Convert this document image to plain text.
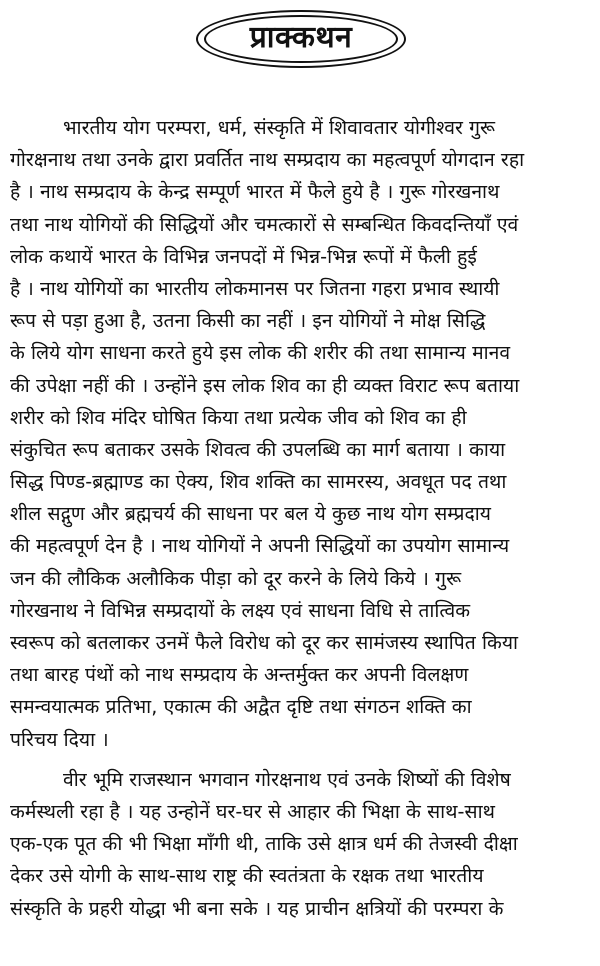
प्राक्कथन
भारतीय योग परम्परा, धर्म, संस्कृति में शिवावतार योगीश्वर गुरू
गोरक्षनाथ तथा उनके द्वारा प्रवर्तित नाथ सम्प्रदाय का महत्वपूर्ण योगदान रहा
है । नाथ सम्प्रदाय के केन्द्र सम्पूर्ण भारत में फैले हुये है । गुरू गोरखनाथ
तथा नाथ योगियों की सिद्धियों और चमत्कारों से सम्बन्धित किवदन्तियाँ एवं
लोक कथायें भारत के विभिन्न जनपदों में भिन्न-भिन्न रूपों में फैली हुई
है । नाथ योगियों का भारतीय लोकमानस पर जितना गहरा प्रभाव स्थायी
रूप से पड़ा हुआ है, उतना किसी का नहीं । इन योगियों ने मोक्ष सिद्धि
के लिये योग साधना करते हुये इस लोक की शरीर की तथा सामान्य मानव
की उपेक्षा नहीं की । उन्होंने इस लोक शिव का ही व्यक्त विराट रूप बताया
शरीर को शिव मंदिर घोषित किया तथा प्रत्येक जीव को शिव का ही
संकुचित रूप बताकर उसके शिवत्व की उपलब्धि का मार्ग बताया । काया
सिद्ध पिण्ड-ब्रह्माण्ड का ऐक्य, शिव शक्ति का सामरस्य, अवधूत पद तथा
शील सद्गुण और ब्रह्मचर्य की साधना पर बल ये कुछ नाथ योग सम्प्रदाय
की महत्वपूर्ण देन है । नाथ योगियों ने अपनी सिद्धियों का उपयोग सामान्य
जन की लौकिक अलौकिक पीड़ा को दूर करने के लिये किये । गुरू
गोरखनाथ ने विभिन्न सम्प्रदायों के लक्ष्य एवं साधना विधि से तात्विक
स्वरूप को बतलाकर उनमें फैले विरोध को दूर कर सामंजस्य स्थापित किया
तथा बारह पंथों को नाथ सम्प्रदाय के अन्तर्मुक्त कर अपनी विलक्षण
समन्वयात्मक प्रतिभा, एकात्म की अद्वैत दृष्टि तथा संगठन शक्ति का
परिचय दिया ।
वीर भूमि राजस्थान भगवान गोरक्षनाथ एवं उनके शिष्यों की विशेष
कर्मस्थली रहा है । यह उन्होनें घर-घर से आहार की भिक्षा के साथ-साथ
एक-एक पूत की भी भिक्षा माँगी थी, ताकि उसे क्षात्र धर्म की तेजस्वी दीक्षा
देकर उसे योगी के साथ-साथ राष्ट्र की स्वतंत्रता के रक्षक तथा भारतीय
संस्कृति के प्रहरी योद्धा भी बना सके । यह प्राचीन क्षत्रियों की परम्परा के
